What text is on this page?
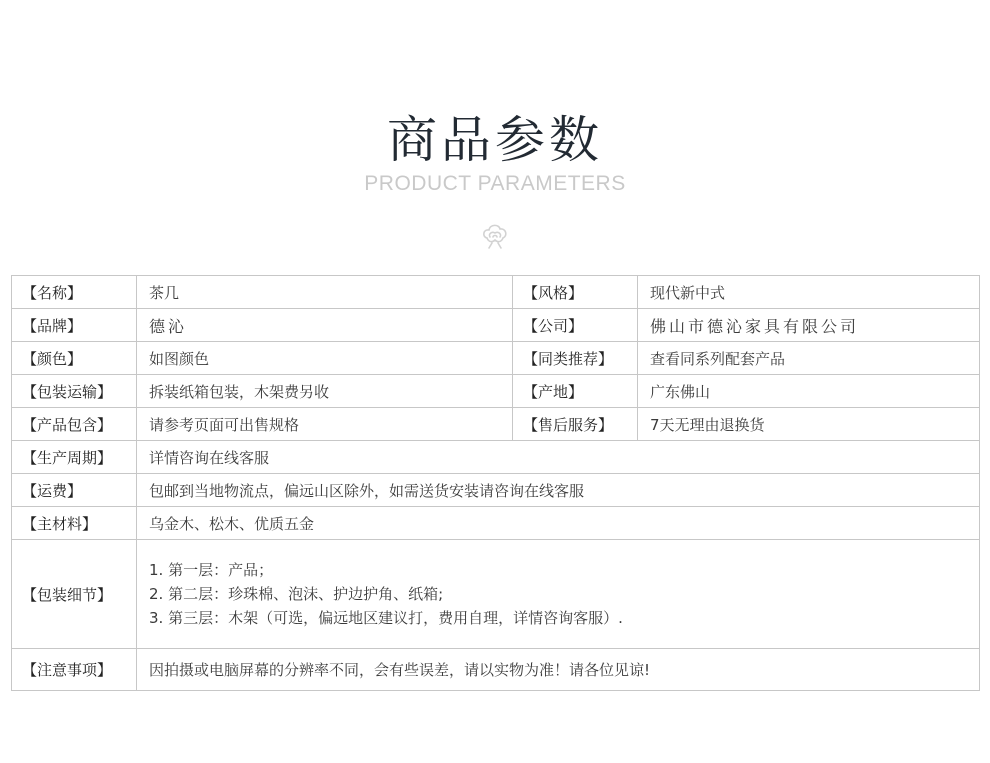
商品参数
PRODUCT PARAMETERS
【名称】	茶几	【风格】	现代新中式
【品牌】	德沁	【公司】	佛山市德沁家具有限公司
【颜色】	如图颜色	【同类推荐】	查看同系列配套产品
【包装运输】	拆装纸箱包装，木架费另收	【产地】	广东佛山
【产品包含】	请参考页面可出售规格	【售后服务】	7天无理由退换货
【生产周期】	详情咨询在线客服		
【运费】	包邮到当地物流点，偏远山区除外，如需送货安装请咨询在线客服		
【主材料】	乌金木、松木、优质五金		
【包装细节】	1. 第一层：产品；
2. 第二层：珍珠棉、泡沫、护边护角、纸箱;
3. 第三层：木架（可选，偏远地区建议打，费用自理，详情咨询客服）.		

【注意事项】	因拍摄或电脑屏幕的分辨率不同，会有些误差，请以实物为准！请各位见谅!		
